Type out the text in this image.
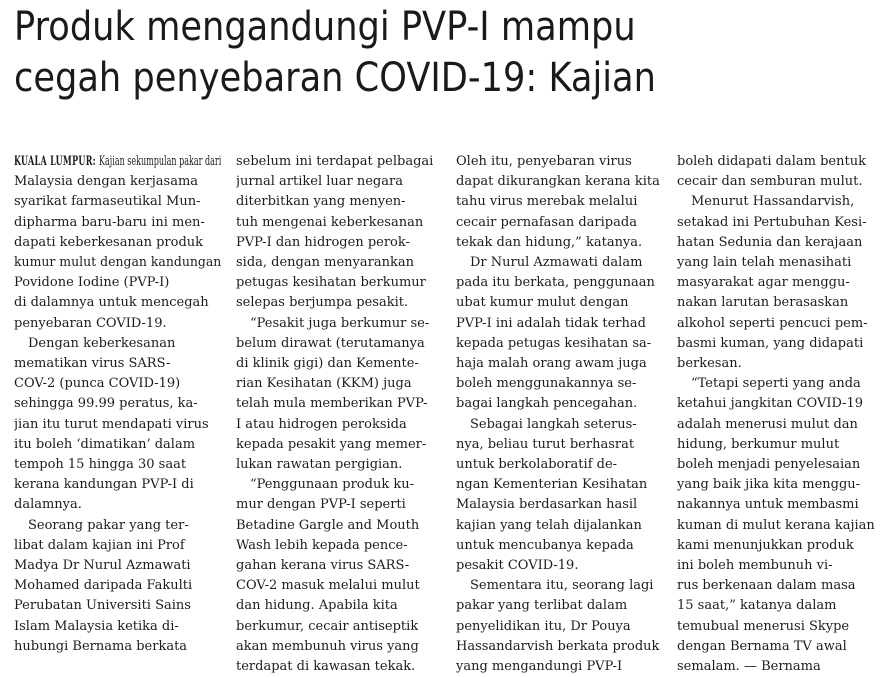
Produk mengandungi PVP-I mampu
cegah penyebaran COVID-19: Kajian
KUALA LUMPUR: Kajian sekumpulan pakar dari
Malaysia dengan kerjasama
syarikat farmaseutikal Mun-
dipharma baru-baru ini men-
dapati keberkesanan produk
kumur mulut dengan kandungan
Povidone Iodine (PVP-I)
di dalamnya untuk mencegah
penyebaran COVID-19.
Dengan keberkesanan
mematikan virus SARS-
COV-2 (punca COVID-19)
sehingga 99.99 peratus, ka-
jian itu turut mendapati virus
itu boleh ‘dimatikan’ dalam
tempoh 15 hingga 30 saat
kerana kandungan PVP-I di
dalamnya.
Seorang pakar yang ter-
libat dalam kajian ini Prof
Madya Dr Nurul Azmawati
Mohamed daripada Fakulti
Perubatan Universiti Sains
Islam Malaysia ketika di-
hubungi Bernama berkata
sebelum ini terdapat pelbagai
jurnal artikel luar negara
diterbitkan yang menyen-
tuh mengenai keberkesanan
PVP-I dan hidrogen perok-
sida, dengan menyarankan
petugas kesihatan berkumur
selepas berjumpa pesakit.
“Pesakit juga berkumur se-
belum dirawat (terutamanya
di klinik gigi) dan Kemente-
rian Kesihatan (KKM) juga
telah mula memberikan PVP-
I atau hidrogen peroksida
kepada pesakit yang memer-
lukan rawatan pergigian.
“Penggunaan produk ku-
mur dengan PVP-I seperti
Betadine Gargle and Mouth
Wash lebih kepada pence-
gahan kerana virus SARS-
COV-2 masuk melalui mulut
dan hidung. Apabila kita
berkumur, cecair antiseptik
akan membunuh virus yang
terdapat di kawasan tekak.
Oleh itu, penyebaran virus
dapat dikurangkan kerana kita
tahu virus merebak melalui
cecair pernafasan daripada
tekak dan hidung,” katanya.
Dr Nurul Azmawati dalam
pada itu berkata, penggunaan
ubat kumur mulut dengan
PVP-I ini adalah tidak terhad
kepada petugas kesihatan sa-
haja malah orang awam juga
boleh menggunakannya se-
bagai langkah pencegahan.
Sebagai langkah seterus-
nya, beliau turut berhasrat
untuk berkolaboratif de-
ngan Kementerian Kesihatan
Malaysia berdasarkan hasil
kajian yang telah dijalankan
untuk mencubanya kepada
pesakit COVID-19.
Sementara itu, seorang lagi
pakar yang terlibat dalam
penyelidikan itu, Dr Pouya
Hassandarvish berkata produk
yang mengandungi PVP-I
boleh didapati dalam bentuk
cecair dan semburan mulut.
Menurut Hassandarvish,
setakad ini Pertubuhan Kesi-
hatan Sedunia dan kerajaan
yang lain telah menasihati
masyarakat agar menggu-
nakan larutan berasaskan
alkohol seperti pencuci pem-
basmi kuman, yang didapati
berkesan.
“Tetapi seperti yang anda
ketahui jangkitan COVID-19
adalah menerusi mulut dan
hidung, berkumur mulut
boleh menjadi penyelesaian
yang baik jika kita menggu-
nakannya untuk membasmi
kuman di mulut kerana kajian
kami menunjukkan produk
ini boleh membunuh vi-
rus berkenaan dalam masa
15 saat,” katanya dalam
temubual menerusi Skype
dengan Bernama TV awal
semalam. — Bernama
